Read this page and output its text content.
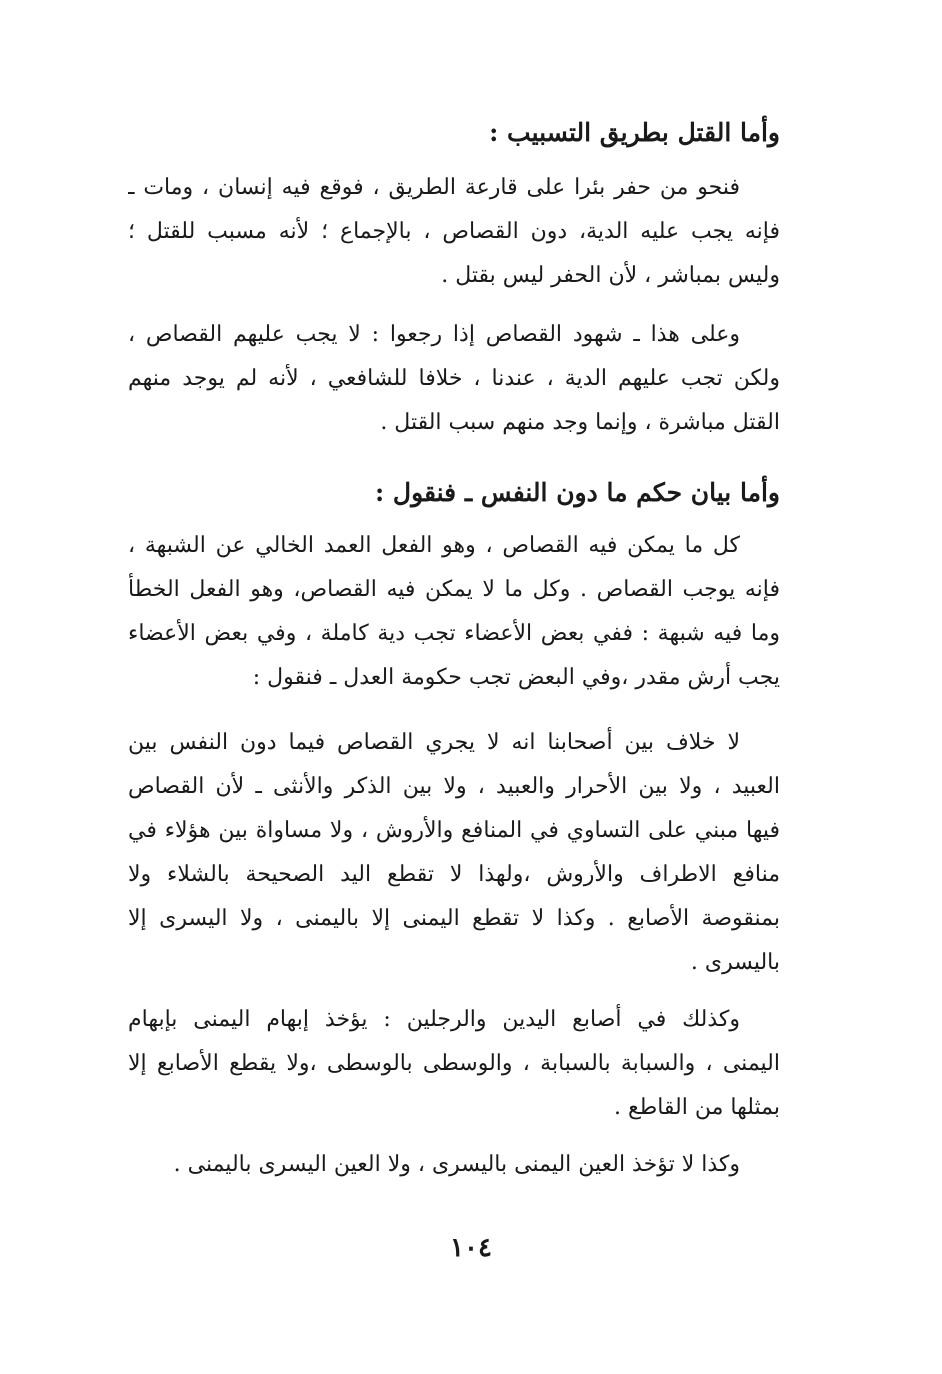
وأما القتل بطريق التسبيب :
فنحو من حفر بئرا على قارعة الطريق ، فوقع فيه إنسان ، ومات ـ
فإنه يجب عليه الدية، دون القصاص ، بالإجماع ؛ لأنه مسبب للقتل ؛
وليس بمباشر ، لأن الحفر ليس بقتل .
وعلى هذا ـ شهود القصاص إذا رجعوا : لا يجب عليهم القصاص ،
ولكن تجب عليهم الدية ، عندنا ، خلافا للشافعي ، لأنه لم يوجد منهم
القتل مباشرة ، وإنما وجد منهم سبب القتل .
وأما بيان حكم ما دون النفس ـ فنقول :
كل ما يمكن فيه القصاص ، وهو الفعل العمد الخالي عن الشبهة ،
فإنه يوجب القصاص . وكل ما لا يمكن فيه القصاص، وهو الفعل الخطأ
وما فيه شبهة : ففي بعض الأعضاء تجب دية كاملة ، وفي بعض الأعضاء
يجب أرش مقدر ،وفي البعض تجب حكومة العدل ـ فنقول :
لا خلاف بين أصحابنا انه لا يجري القصاص فيما دون النفس بين
العبيد ، ولا بين الأحرار والعبيد ، ولا بين الذكر والأنثى ـ لأن القصاص
فيها مبني على التساوي في المنافع والأروش ، ولا مساواة بين هؤلاء في
منافع الاطراف والأروش ،ولهذا لا تقطع اليد الصحيحة بالشلاء ولا
بمنقوصة الأصابع . وكذا لا تقطع اليمنى إلا باليمنى ، ولا اليسرى إلا
باليسرى .
وكذلك في أصابع اليدين والرجلين : يؤخذ إبهام اليمنى بإبهام
اليمنى ، والسبابة بالسبابة ، والوسطى بالوسطى ،ولا يقطع الأصابع إلا
بمثلها من القاطع .
وكذا لا تؤخذ العين اليمنى باليسرى ، ولا العين اليسرى باليمنى .
١٠٤
